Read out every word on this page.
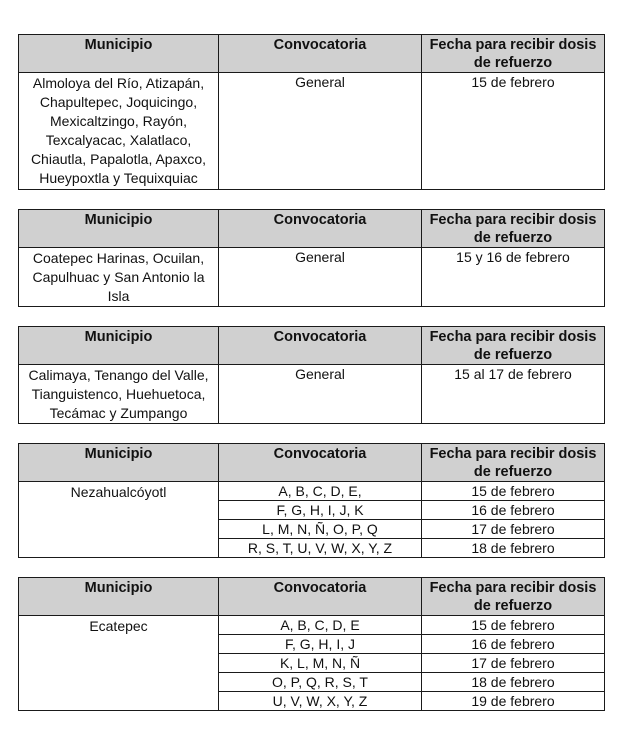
Municipio	Convocatoria	Fecha para recibir dosis de refuerzo
Almoloya del Río, Atizapán, Chapultepec, Joquicingo, Mexicaltzingo, Rayón, Texcalyacac, Xalatlaco, Chiautla, Papalotla, Apaxco, Hueypoxtla y Tequixquiac	General	15 de febrero
Municipio	Convocatoria	Fecha para recibir dosis de refuerzo
Coatepec Harinas, Ocuilan, Capulhuac y San Antonio la Isla	General	15 y 16 de febrero
Municipio	Convocatoria	Fecha para recibir dosis de refuerzo
Calimaya, Tenango del Valle, Tianguistenco, Huehuetoca, Tecámac y Zumpango	General	15 al 17 de febrero
Municipio	Convocatoria	Fecha para recibir dosis de refuerzo
Nezahualcóyotl	A, B, C, D, E,	15 de febrero
	F, G, H, I, J, K	16 de febrero
	L, M, N, Ñ, O, P, Q	17 de febrero
	R, S, T, U, V, W, X, Y, Z	18 de febrero
Municipio	Convocatoria	Fecha para recibir dosis de refuerzo
Ecatepec	A, B, C, D, E	15 de febrero
	F, G, H, I, J	16 de febrero
	K, L, M, N, Ñ	17 de febrero
	O, P, Q, R, S, T	18 de febrero
	U, V, W, X, Y, Z	19 de febrero
